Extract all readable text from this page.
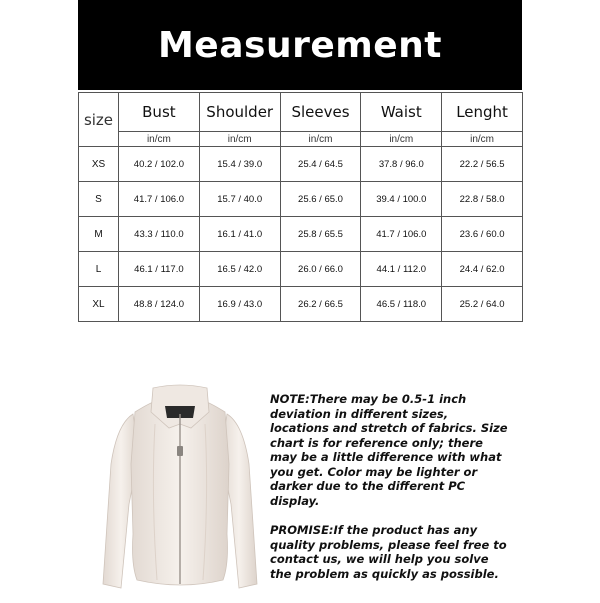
Measurement
size	Bust	Shoulder	Sleeves	Waist	Lenght
	in/cm	in/cm	in/cm	in/cm	in/cm
XS	40.2 / 102.0	15.4 / 39.0	25.4 / 64.5	37.8 / 96.0	22.2 / 56.5
S	41.7 / 106.0	15.7 / 40.0	25.6 / 65.0	39.4 / 100.0	22.8 / 58.0
M	43.3 / 110.0	16.1 / 41.0	25.8 / 65.5	41.7 / 106.0	23.6 / 60.0
L	46.1 / 117.0	16.5 / 42.0	26.0 / 66.0	44.1 / 112.0	24.4 / 62.0
XL	48.8 / 124.0	16.9 / 43.0	26.2 / 66.5	46.5 / 118.0	25.2 / 64.0
NOTE:There may be 0.5-1 inch deviation in different sizes, locations and stretch of fabrics. Size chart is for reference only; there may be a little difference with what you get. Color may be lighter or darker due to the different PC display.
PROMISE:If the product has any quality problems, please feel free to contact us, we will help you solve the problem as quickly as possible.
